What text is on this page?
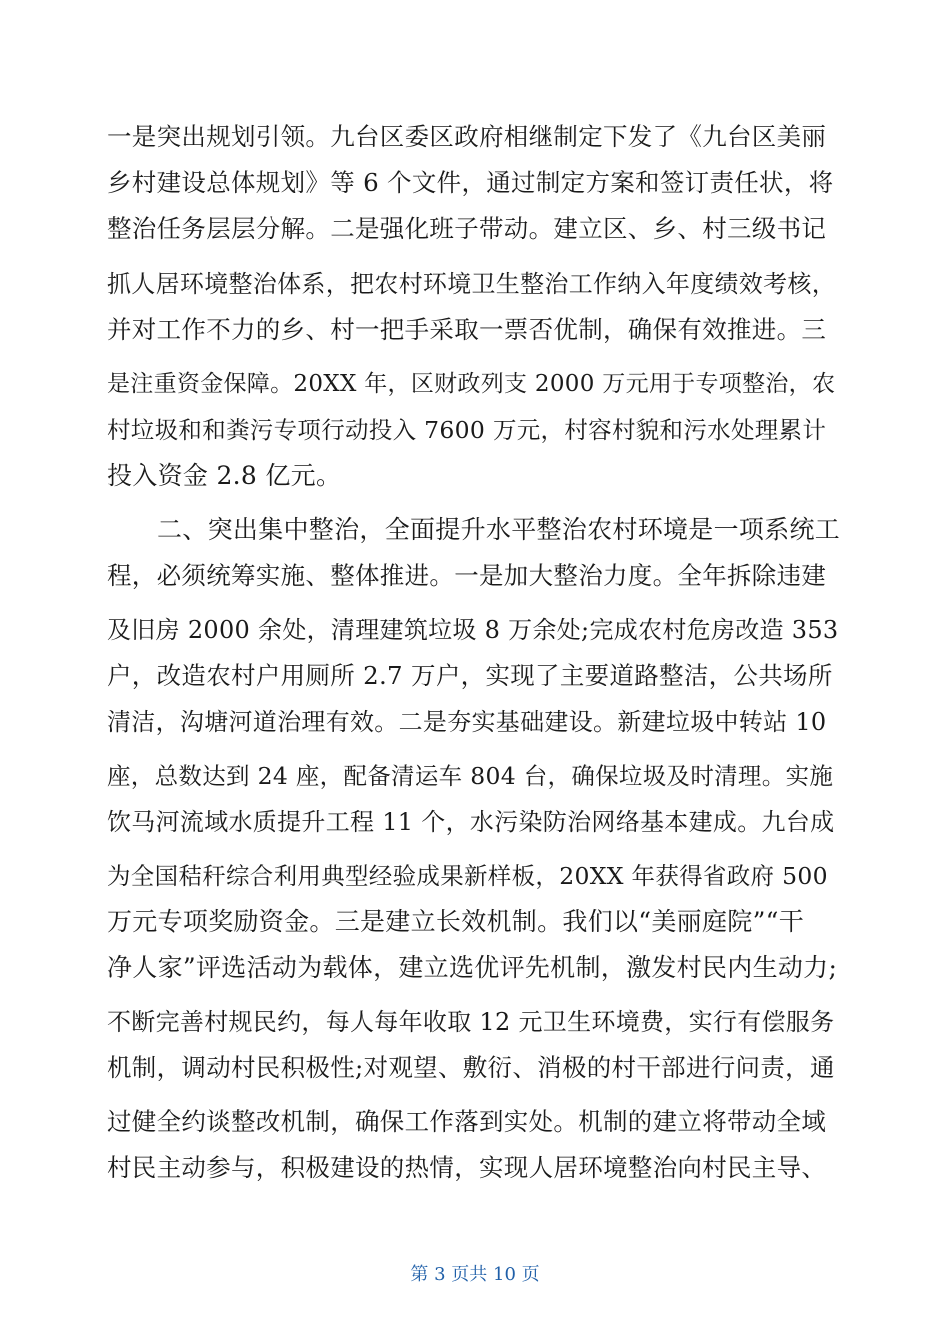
一是突出规划引领。九台区委区政府相继制定下发了《九台区美丽
乡村建设总体规划》等 6 个文件，通过制定方案和签订责任状，将
整治任务层层分解。二是强化班子带动。建立区、乡、村三级书记
抓人居环境整治体系，把农村环境卫生整治工作纳入年度绩效考核，
并对工作不力的乡、村一把手采取一票否优制，确保有效推进。三
是注重资金保障。20XX 年，区财政列支 2000 万元用于专项整治，农
村垃圾和和粪污专项行动投入 7600 万元，村容村貌和污水处理累计
投入资金 2.8 亿元。
二、突出集中整治，全面提升水平整治农村环境是一项系统工
程，必须统筹实施、整体推进。一是加大整治力度。全年拆除违建
及旧房 2000 余处，清理建筑垃圾 8 万余处;完成农村危房改造 353
户，改造农村户用厕所 2.7 万户，实现了主要道路整洁，公共场所
清洁，沟塘河道治理有效。二是夯实基础建设。新建垃圾中转站 10
座，总数达到 24 座，配备清运车 804 台，确保垃圾及时清理。实施
饮马河流域水质提升工程 11 个，水污染防治网络基本建成。九台成
为全国秸秆综合利用典型经验成果新样板，20XX 年获得省政府 500
万元专项奖励资金。三是建立长效机制。我们以“美丽庭院”“干
净人家”评选活动为载体，建立选优评先机制，激发村民内生动力;
不断完善村规民约，每人每年收取 12 元卫生环境费，实行有偿服务
机制，调动村民积极性;对观望、敷衍、消极的村干部进行问责，通
过健全约谈整改机制，确保工作落到实处。机制的建立将带动全域
村民主动参与，积极建设的热情，实现人居环境整治向村民主导、
第 3 页共 10 页
